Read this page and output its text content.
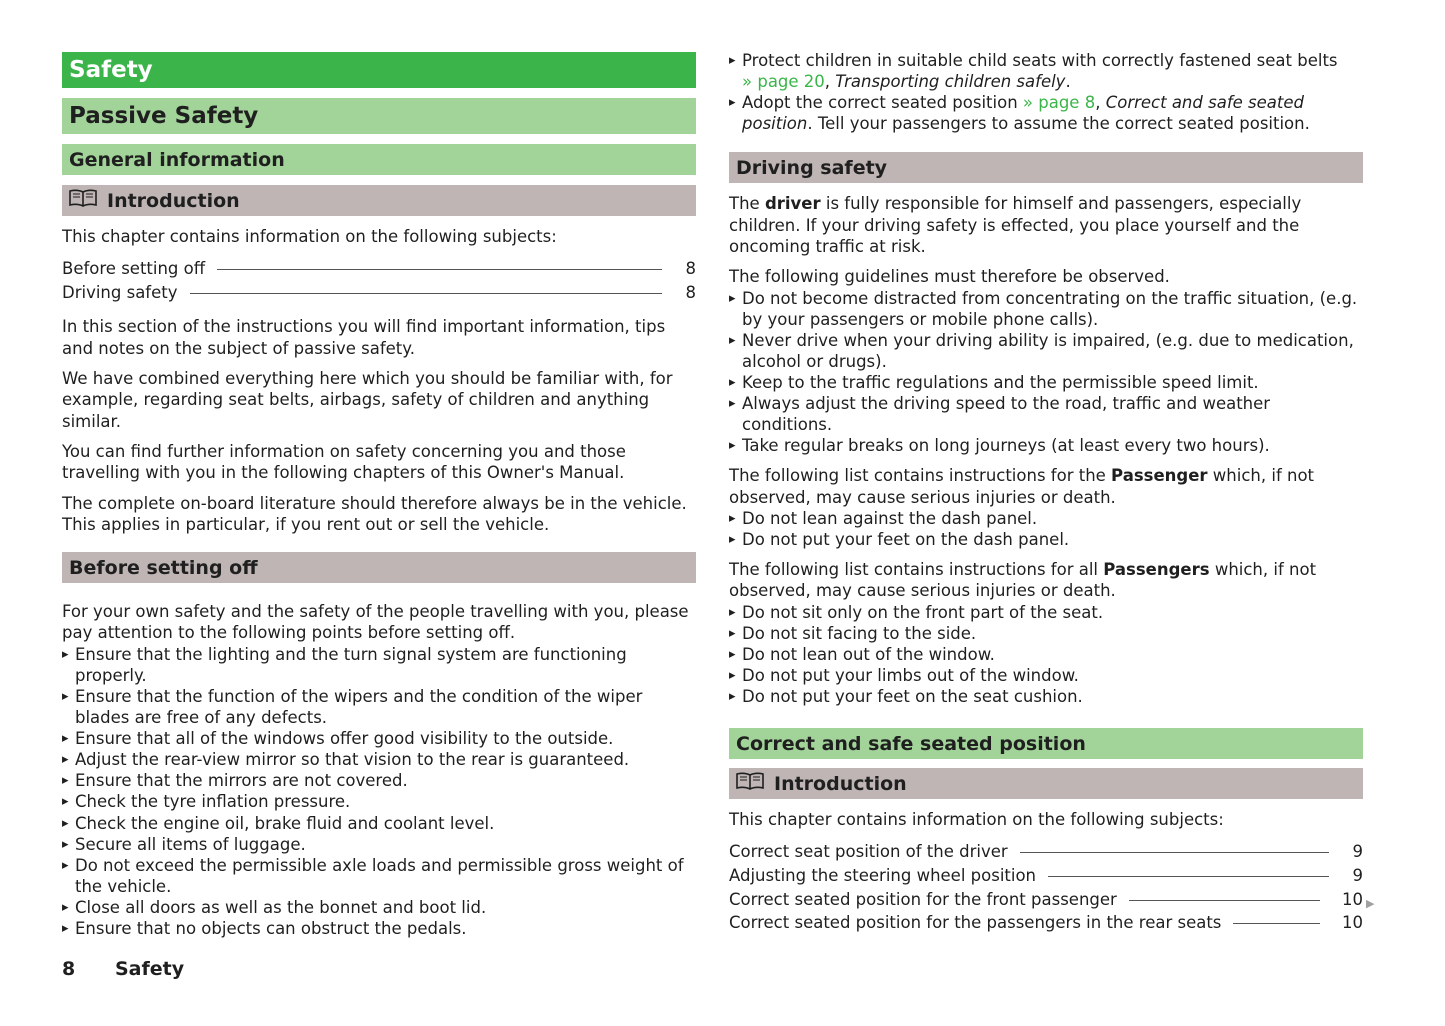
Safety
Passive Safety
General information
Introduction

This chapter contains information on the following subjects:

Before setting off	8
Driving safety	8

In this section of the instructions you will find important information, tips and notes on the subject of passive safety.

We have combined everything here which you should be familiar with, for example, regarding seat belts, airbags, safety of children and anything similar.

You can find further information on safety concerning you and those travelling with you in the following chapters of this Owner's Manual.

The complete on-board literature should therefore always be in the vehicle. This applies in particular, if you rent out or sell the vehicle.

Before setting off

For your own safety and the safety of the people travelling with you, please pay attention to the following points before setting off.

▸ Ensure that the lighting and the turn signal system are functioning properly.
▸ Ensure that the function of the wipers and the condition of the wiper blades are free of any defects.
▸ Ensure that all of the windows offer good visibility to the outside.
▸ Adjust the rear-view mirror so that vision to the rear is guaranteed.
▸ Ensure that the mirrors are not covered.
▸ Check the tyre inflation pressure.
▸ Check the engine oil, brake fluid and coolant level.
▸ Secure all items of luggage.
▸ Do not exceed the permissible axle loads and permissible gross weight of the vehicle.
▸ Close all doors as well as the bonnet and boot lid.
▸ Ensure that no objects can obstruct the pedals.
▸ Protect children in suitable child seats with correctly fastened seat belts
» page 20, Transporting children safely.
▸ Adopt the correct seated position » page 8, Correct and safe seated position. Tell your passengers to assume the correct seated position.
Driving safety

The driver is fully responsible for himself and passengers, especially children. If your driving safety is effected, you place yourself and the oncoming traffic at risk.

The following guidelines must therefore be observed.

▸ Do not become distracted from concentrating on the traffic situation, (e.g. by your passengers or mobile phone calls).
▸ Never drive when your driving ability is impaired, (e.g. due to medication, alcohol or drugs).
▸ Keep to the traffic regulations and the permissible speed limit.
▸ Always adjust the driving speed to the road, traffic and weather conditions.
▸ Take regular breaks on long journeys (at least every two hours).

The following list contains instructions for the Passenger which, if not observed, may cause serious injuries or death.

▸ Do not lean against the dash panel.
▸ Do not put your feet on the dash panel.

The following list contains instructions for all Passengers which, if not observed, may cause serious injuries or death.

▸ Do not sit only on the front part of the seat.
▸ Do not sit facing to the side.
▸ Do not lean out of the window.
▸ Do not put your limbs out of the window.
▸ Do not put your feet on the seat cushion.
Correct and safe seated position
Introduction

This chapter contains information on the following subjects:

Correct seat position of the driver	9
Adjusting the steering wheel position	9
Correct seated position for the front passenger	10
Correct seated position for the passengers in the rear seats	10
▶
8	Safety
